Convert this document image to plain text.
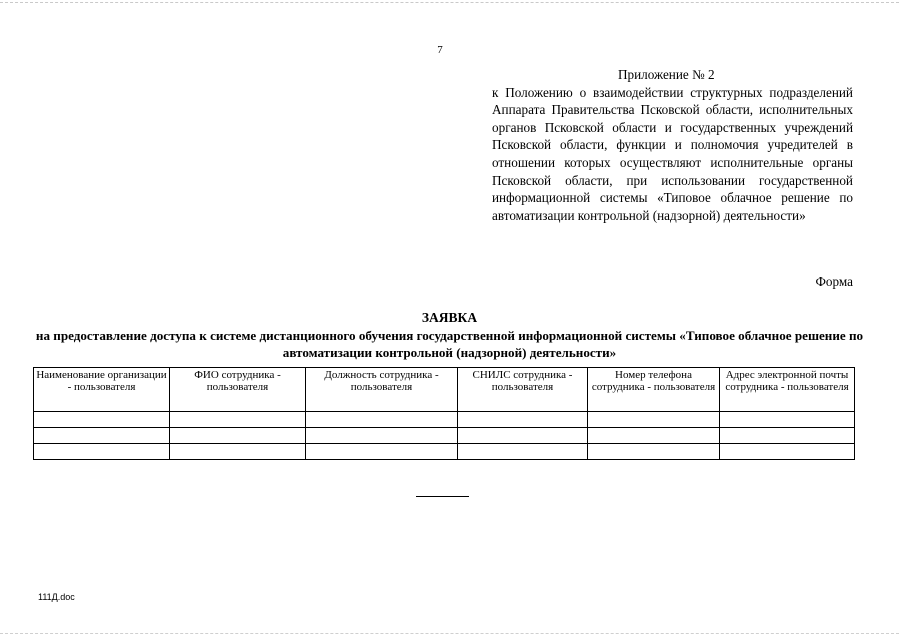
7

Приложение № 2

к Положению о взаимодействии структурных подразделений Аппарата Правительства Псковской области, исполнительных органов Псковской области и государственных учреждений Псковской области, функции и полномочия учредителей в отношении которых осуществляют исполнительные органы Псковской области, при использовании государственной информационной системы «Типовое облачное решение по автоматизации контрольной (надзорной) деятельности»

Форма
ЗАЯВКА
на предоставление доступа к системе дистанционного обучения государственной информационной системы «Типовое облачное решение по автоматизации контрольной (надзорной) деятельности»
Наименование организации - пользователя	ФИО сотрудника - пользователя	Должность сотрудника - пользователя	СНИЛС сотрудника - пользователя	Номер телефона сотрудника - пользователя	Адрес электронной почты сотрудника - пользователя

111Д.doc
